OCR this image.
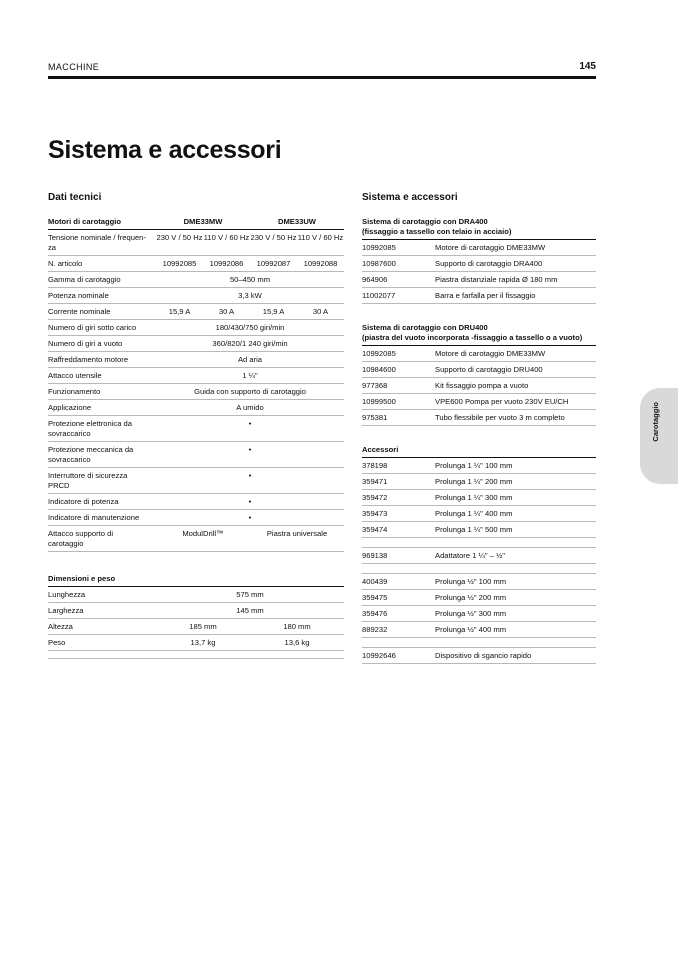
MACCHINE	145
Sistema e accessori
Dati tecnici
Motori di carotaggio	DME33MW		DME33UW	
Tensione nominale / frequen-za	230 V / 50 Hz	110 V / 60 Hz	230 V / 50 Hz	110 V / 60 Hz
N. articolo	10992085	10992086	10992087	10992088
Gamma di carotaggio	50–450 mm			
Potenza nominale	3,3 kW			
Corrente nominale	15,9 A	30 A	15,9 A	30 A
Numero di giri sotto carico	180/430/750 giri/min			
Numero di giri a vuoto	360/820/1 240 giri/min			
Raffreddamento motore	Ad aria			
Attacco utensile	1 ¼"			
Funzionamento	Guida con supporto di carotaggio			
Applicazione	A umido			
Protezione elettronica da sovraccarico	•			
Protezione meccanica da sovraccarico	•			
Interruttore di sicurezza PRCD	•			
Indicatore di potenza	•			
Indicatore di manutenzione	•			
Attacco supporto di carotaggio	ModulDrill™		Piastra universale	
Dimensioni e peso		
Lunghezza	575 mm	
Larghezza	145 mm	
Altezza	185 mm	180 mm
Peso	13,7 kg	13,6 kg

Sistema e accessori
Sistema di carotaggio con DRA400
(fissaggio a tassello con telaio in acciaio)
10992085	Motore di carotaggio DME33MW
10987600	Supporto di carotaggio DRA400
964906	Piastra distanziale rapida Ø 180 mm
11002077	Barra e farfalla per il fissaggio
Sistema di carotaggio con DRU400
(piastra del vuoto incorporata -fissaggio a tassello o a vuoto)
10992085	Motore di carotaggio DME33MW
10984600	Supporto di carotaggio DRU400
977368	Kit fissaggio pompa a vuoto
10999500	VPE600 Pompa per vuoto 230V EU/CH
975381	Tubo flessibile per vuoto 3 m completo
Accessori
378198	Prolunga 1 ¼" 100 mm
359471	Prolunga 1 ¼" 200 mm
359472	Prolunga 1 ¼" 300 mm
359473	Prolunga 1 ¼" 400 mm
359474	Prolunga 1 ¼" 500 mm
969138	Adattatore 1 ¼" – ½"
400439	Prolunga ½" 100 mm
359475	Prolunga ½" 200 mm
359476	Prolunga ½" 300 mm
889232	Prolunga ½" 400 mm
10992646	Dispositivo di sgancio rapido
Carotaggio
